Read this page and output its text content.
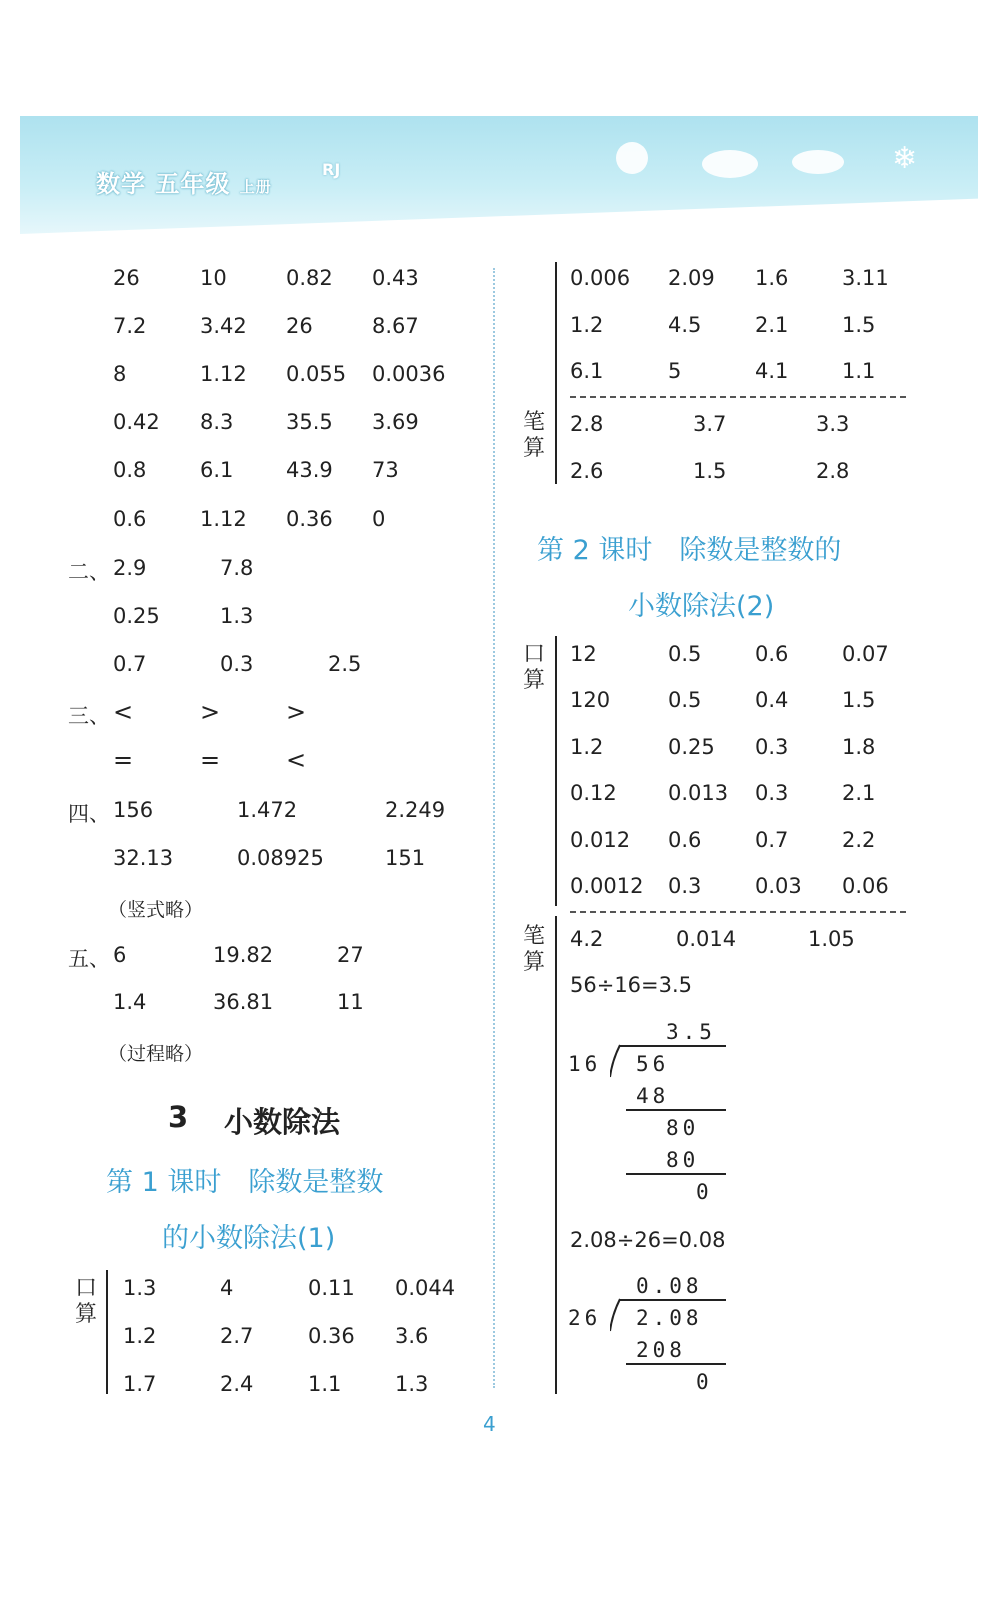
数学 五年级 上册
RJ	❄
26	10	0.82 0.43
7.2	3.42 26	8.67
8	1.12 0.055 0.0036
0.42 8.3	35.5 3.69
0.8	6.1	43.9 73
0.6	1.12 0.36 0
二、 2.9	7.8
0.25	1.3
0.7	0.3	2.5
三、 <	>	>
=	=	<
四、 156	1.472	2.249
32.13	0.08925	151
（竖式略）
五、 6	19.82	27
1.4	36.81	11
（过程略）
3 小数除法
第 1 课时　除数是整数
的小数除法(1)
口算
1.3	4	0.11 0.044
1.2	2.7	0.36 3.6
1.7	2.4	1.1	1.3
0.006 2.09 1.6	3.11
1.2	4.5	2.1	1.5
6.1	5	4.1	1.1
笔算
2.8	3.7	3.3
2.6	1.5	2.8
第 2 课时　除数是整数的
小数除法(2)
口算
12	0.5	0.6	0.07
120	0.5	0.4	1.5
1.2	0.25 0.3	1.8
0.12 0.013 0.3	2.1
0.012 0.6	0.7	2.2
0.0012 0.3	0.03 0.06
笔算
4.2	0.014	1.05
56÷16=3.5
3.5
16 56
48
80
80
0
2.08÷26=0.08
0.08
26 2.08
208
0
4
